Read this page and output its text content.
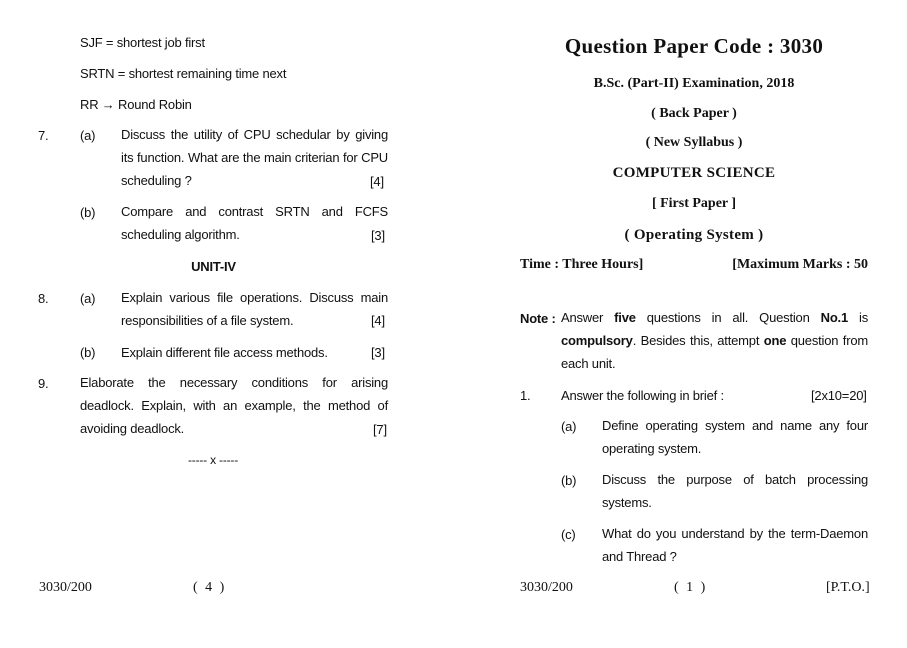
SJF = shortest job first
SRTN = shortest remaining time next
RR → Round Robin
7. (a) Discuss the utility of CPU schedular by giving its function. What are the main criterian for CPU scheduling ?	[4]
(b) Compare and contrast SRTN and FCFS scheduling algorithm.	[3]
UNIT-IV
8. (a) Explain various file operations. Discuss main responsibilities of a file system.	[4]
(b) Explain different file access methods.	[3]
9. Elaborate the necessary conditions for arising deadlock. Explain, with an example, the method of avoiding deadlock.	[7]
----- x -----
3030/200	( 4 )
Question Paper Code : 3030
B.Sc. (Part-II) Examination, 2018
( Back Paper )
( New Syllabus )
COMPUTER SCIENCE
[ First Paper ]
( Operating System )
Time : Three Hours]	[Maximum Marks : 50
Note : Answer five questions in all. Question No.1 is compulsory. Besides this, attempt one question from each unit.
1. Answer the following in brief :	[2x10=20]
(a) Define operating system and name any four operating system.
(b) Discuss the purpose of batch processing systems.
(c) What do you understand by the term-Daemon and Thread ?
3030/200	( 1 )	[P.T.O.]
